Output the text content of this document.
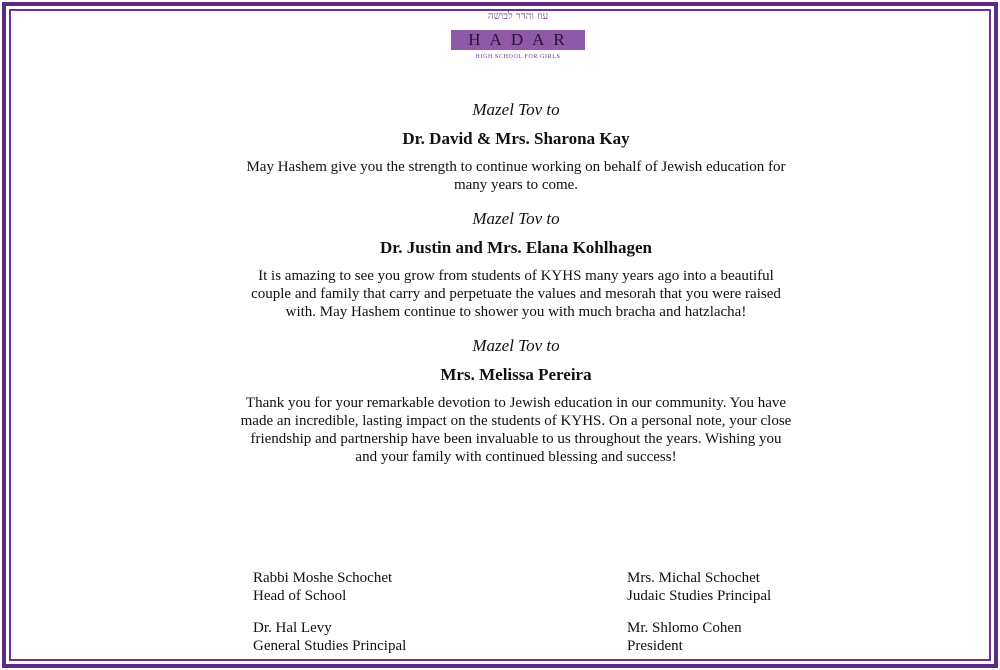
עוז והדר לבושה
HADAR
HIGH SCHOOL FOR GIRLS

Mazel Tov to

Dr. David & Mrs. Sharona Kay

May Hashem give you the strength to continue working on behalf of Jewish education for many years to come.

Mazel Tov to

Dr. Justin and Mrs. Elana Kohlhagen

It is amazing to see you grow from students of KYHS many years ago into a beautiful couple and family that carry and perpetuate the values and mesorah that you were raised with. May Hashem continue to shower you with much bracha and hatzlacha!

Mazel Tov to

Mrs. Melissa Pereira

Thank you for your remarkable devotion to Jewish education in our community. You have made an incredible, lasting impact on the students of KYHS. On a personal note, your close friendship and partnership have been invaluable to us throughout the years. Wishing you and your family with continued blessing and success!

Rabbi Moshe Schochet
Head of School
Mrs. Michal Schochet
Judaic Studies Principal
Dr. Hal Levy
General Studies Principal
Mr. Shlomo Cohen
President
